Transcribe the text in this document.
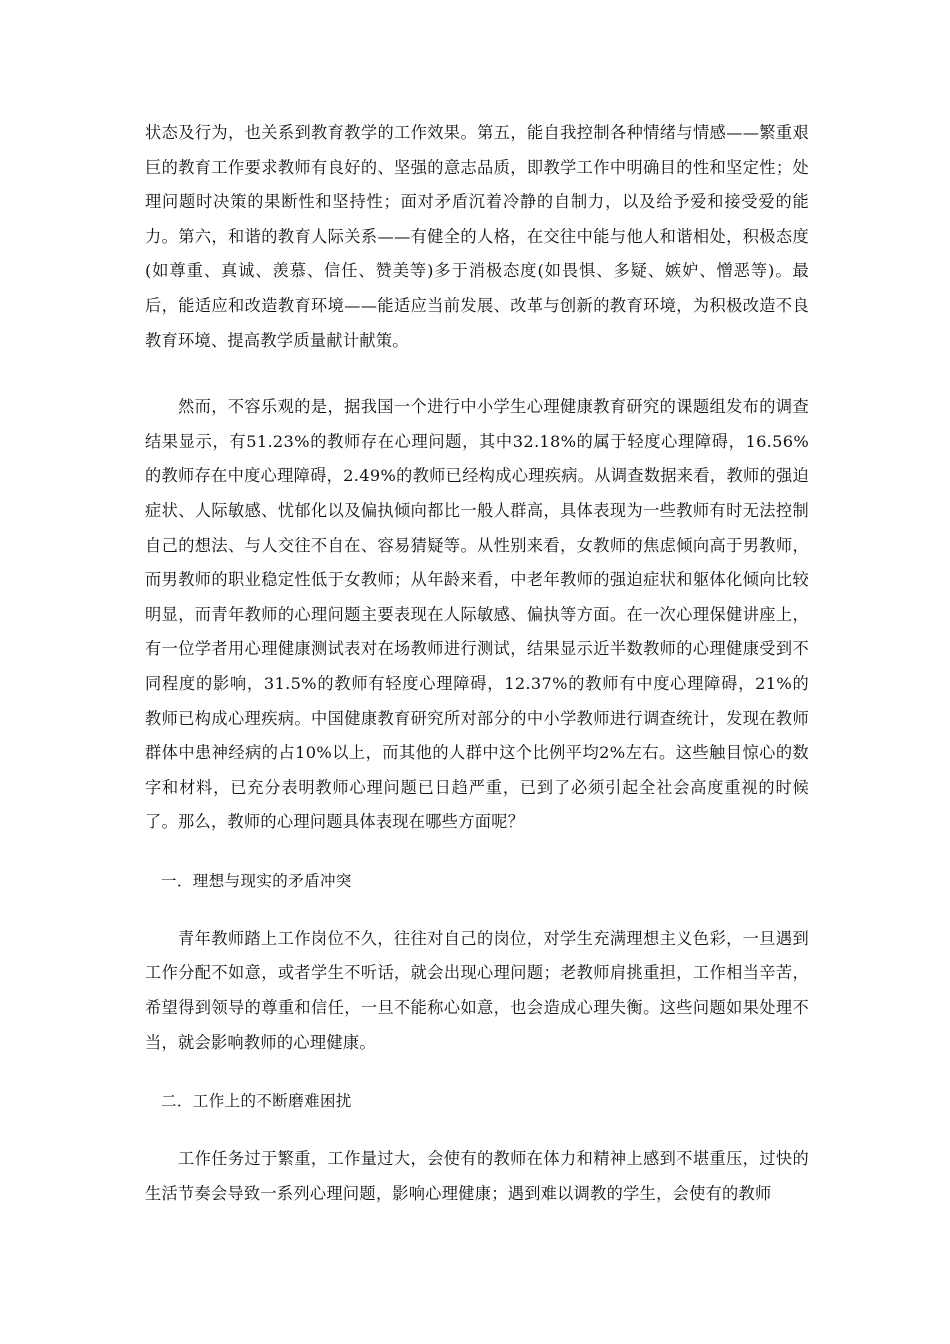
状态及行为，也关系到教育教学的工作效果。第五，能自我控制各种情绪与情感——繁重艰巨的教育工作要求教师有良好的、坚强的意志品质，即教学工作中明确目的性和坚定性；处理问题时决策的果断性和坚持性；面对矛盾沉着冷静的自制力，以及给予爱和接受爱的能力。第六，和谐的教育人际关系——有健全的人格，在交往中能与他人和谐相处，积极态度(如尊重、真诚、羡慕、信任、赞美等)多于消极态度(如畏惧、多疑、嫉妒、憎恶等)。最后，能适应和改造教育环境——能适应当前发展、改革与创新的教育环境，为积极改造不良教育环境、提高教学质量献计献策。

然而，不容乐观的是，据我国一个进行中小学生心理健康教育研究的课题组发布的调查结果显示，有51.23%的教师存在心理问题，其中32.18%的属于轻度心理障碍，16.56%的教师存在中度心理障碍，2.49%的教师已经构成心理疾病。从调查数据来看，教师的强迫症状、人际敏感、忧郁化以及偏执倾向都比一般人群高，具体表现为一些教师有时无法控制自己的想法、与人交往不自在、容易猜疑等。从性别来看，女教师的焦虑倾向高于男教师，而男教师的职业稳定性低于女教师；从年龄来看，中老年教师的强迫症状和躯体化倾向比较明显，而青年教师的心理问题主要表现在人际敏感、偏执等方面。在一次心理保健讲座上，有一位学者用心理健康测试表对在场教师进行测试，结果显示近半数教师的心理健康受到不同程度的影响，31.5%的教师有轻度心理障碍，12.37%的教师有中度心理障碍，21%的教师已构成心理疾病。中国健康教育研究所对部分的中小学教师进行调查统计，发现在教师群体中患神经病的占10%以上，而其他的人群中这个比例平均2%左右。这些触目惊心的数字和材料，已充分表明教师心理问题已日趋严重，已到了必须引起全社会高度重视的时候了。那么，教师的心理问题具体表现在哪些方面呢？

一．理想与现实的矛盾冲突

青年教师踏上工作岗位不久，往往对自己的岗位，对学生充满理想主义色彩，一旦遇到工作分配不如意，或者学生不听话，就会出现心理问题；老教师肩挑重担，工作相当辛苦，希望得到领导的尊重和信任，一旦不能称心如意，也会造成心理失衡。这些问题如果处理不当，就会影响教师的心理健康。

二．工作上的不断磨难困扰

工作任务过于繁重，工作量过大，会使有的教师在体力和精神上感到不堪重压，过快的生活节奏会导致一系列心理问题，影响心理健康；遇到难以调教的学生，会使有的教师
